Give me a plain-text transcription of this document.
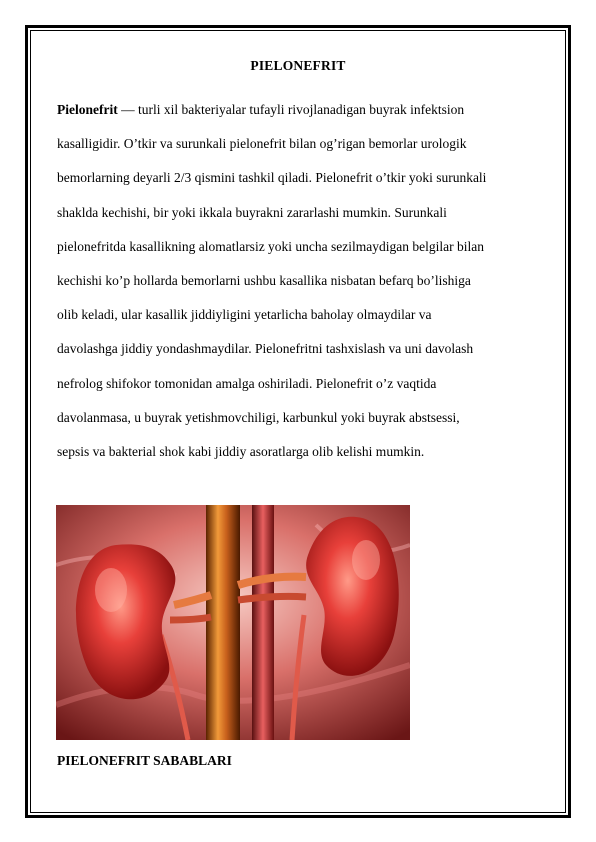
PIELONEFRIT

Pielonefrit — turli xil bakteriyalar tufayli rivojlanadigan buyrak infektsion

kasalligidir. O’tkir va surunkali pielonefrit bilan og’rigan bemorlar urologik

bemorlarning deyarli 2/3 qismini tashkil qiladi. Pielonefrit o’tkir yoki surunkali

shaklda kechishi, bir yoki ikkala buyrakni zararlashi mumkin. Surunkali

pielonefritda kasallikning alomatlarsiz yoki uncha sezilmaydigan belgilar bilan

kechishi ko’p hollarda bemorlarni ushbu kasallika nisbatan befarq bo’lishiga

olib keladi, ular kasallik jiddiyligini yetarlicha baholay olmaydilar va

davolashga jiddiy yondashmaydilar. Pielonefritni tashxislash va uni davolash

nefrolog shifokor tomonidan amalga oshiriladi. Pielonefrit o’z vaqtida

davolanmasa, u buyrak yetishmovchiligi, karbunkul yoki buyrak abstsessi,

sepsis va bakterial shok kabi jiddiy asoratlarga olib kelishi mumkin.

PIELONEFRIT SABABLARI
